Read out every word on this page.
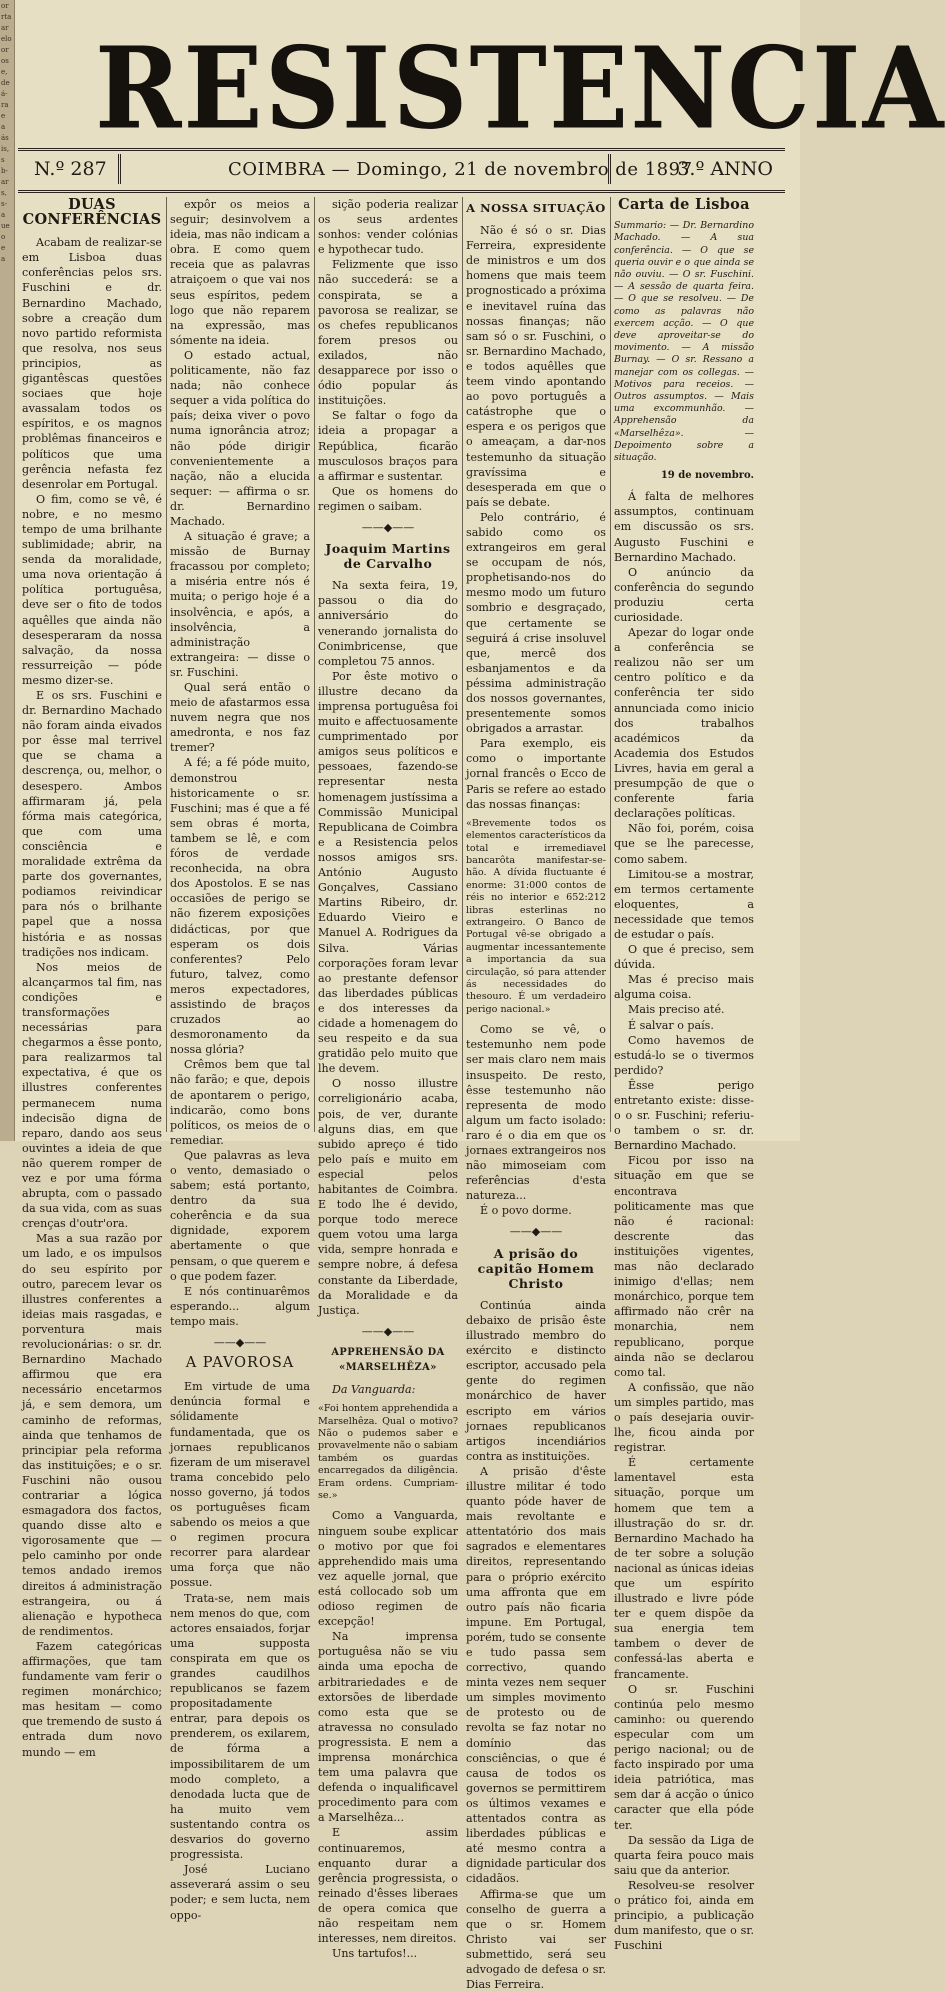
or
rta
ar
elo
or
os
e,
de
á-
ra
e
a
ás
is,
s
b-
ar
s,
s-
a
ue
o
e
a
RESISTENCIA
N.º 287	COIMBRA — Domingo, 21 de novembro de 1897
3.º ANNO
DUAS CONFERÊNCIAS

Acabam de realizar-se em Lisboa duas conferências pelos srs. Fuschini e dr. Bernardino Machado, sobre a creação dum novo partido reformista que resolva, nos seus principios, as gigantêscas questões sociaes que hoje avassalam todos os espíritos, e os magnos problêmas financeiros e políticos que uma gerência nefasta fez desenrolar em Portugal.

O fim, como se vê, é nobre, e no mesmo tempo de uma brilhante sublimidade; abrir, na senda da moralidade, uma nova orientação á política portuguêsa, deve ser o fito de todos aquêlles que ainda não desesperaram da nossa salvação, da nossa ressurreição — póde mesmo dizer-se.

E os srs. Fuschini e dr. Bernardino Machado não foram ainda eivados por êsse mal terrivel que se chama a descrença, ou, melhor, o desespero. Ambos affirmaram já, pela fórma mais categórica, que com uma consciência e moralidade extrêma da parte dos governantes, podiamos reivindicar para nós o brilhante papel que a nossa história e as nossas tradições nos indicam.

Nos meios de alcançarmos tal fim, nas condições e transformações necessárias para chegarmos a êsse ponto, para realizarmos tal expectativa, é que os illustres conferentes permanecem numa indecisão digna de reparo, dando aos seus ouvintes a ideia de que não querem romper de vez e por uma fórma abrupta, com o passado da sua vida, com as suas crenças d'outr'ora.

Mas a sua razão por um lado, e os impulsos do seu espírito por outro, parecem levar os illustres conferentes a ideias mais rasgadas, e porventura mais revolucionárias: o sr. dr. Bernardino Machado affirmou que era necessário encetarmos já, e sem demora, um caminho de reformas, ainda que tenhamos de principiar pela reforma das instituições; e o sr. Fuschini não ousou contrariar a lógica esmagadora dos factos, quando disse alto e vigorosamente que — pelo caminho por onde temos andado iremos direitos á administração estrangeira, ou á alienação e hypotheca de rendimentos.

Fazem categóricas affirmações, que tam fundamente vam ferir o regimen monárchico; mas hesitam — como que tremendo de susto á entrada dum novo mundo — em

expôr os meios a seguir; desinvolvem a ideia, mas não indicam a obra. E como quem receia que as palavras atraiçoem o que vai nos seus espíritos, pedem logo que não reparem na expressão, mas sómente na ideia.

O estado actual, politicamente, não faz nada; não conhece sequer a vida política do país; deixa viver o povo numa ignorância atroz; não póde dirigir convenientemente a nação, não a elucida sequer: — affirma o sr. dr. Bernardino Machado.

A situação é grave; a missão de Burnay fracassou por completo; a miséria entre nós é muita; o perigo hoje é a insolvência, e após, a insolvência, a administração extrangeira: — disse o sr. Fuschini.

Qual será então o meio de afastarmos essa nuvem negra que nos amedronta, e nos faz tremer?

A fé; a fé póde muito, demonstrou historicamente o sr. Fuschini; mas é que a fé sem obras é morta, tambem se lê, e com fóros de verdade reconhecida, na obra dos Apostolos. E se nas occasiões de perigo se não fizerem exposições didácticas, por que esperam os dois conferentes? Pelo futuro, talvez, como meros expectadores, assistindo de braços cruzados ao desmoronamento da nossa glória?

Crêmos bem que tal não farão; e que, depois de apontarem o perigo, indicarão, como bons políticos, os meios de o remediar.

Que palavras as leva o vento, demasiado o sabem; está portanto, dentro da sua coherência e da sua dignidade, exporem abertamente o que pensam, o que querem e o que podem fazer.

E nós continuarêmos esperando... algum tempo mais.

——◆——
A PAVOROSA

Em virtude de uma denúncia formal e sólidamente fundamentada, que os jornaes republicanos fizeram de um miseravel trama concebido pelo nosso governo, já todos os portuguêses ficam sabendo os meios a que o regimen procura recorrer para alardear uma força que não possue.

Trata-se, nem mais nem menos do que, com actores ensaiados, forjar uma supposta conspirata em que os grandes caudilhos republicanos se fazem propositadamente entrar, para depois os prenderem, os exilarem, de fórma a impossibilitarem de um modo completo, a denodada lucta que de ha muito vem sustentando contra os desvarios do governo progressista.

José Luciano asseverará assim o seu poder; e sem lucta, nem oppo-

sição poderia realizar os seus ardentes sonhos: vender colónias e hypothecar tudo.

Felizmente que isso não succederá: se a conspirata, se a pavorosa se realizar, se os chefes republicanos forem presos ou exilados, não desapparece por isso o ódio popular ás instituições.

Se faltar o fogo da ideia a propagar a República, ficarão musculosos braços para a affirmar e sustentar.

Que os homens do regimen o saibam.

——◆——
Joaquim Martins de Carvalho

Na sexta feira, 19, passou o dia do anniversário do venerando jornalista do Conimbricense, que completou 75 annos.

Por êste motivo o illustre decano da imprensa portuguêsa foi muito e affectuosamente cumprimentado por amigos seus políticos e pessoaes, fazendo-se representar nesta homenagem justíssima a Commissão Municipal Republicana de Coimbra e a Resistencia pelos nossos amigos srs. António Augusto Gonçalves, Cassiano Martins Ribeiro, dr. Eduardo Vieiro e Manuel A. Rodrigues da Silva. Várias corporações foram levar ao prestante defensor das liberdades públicas e dos interesses da cidade a homenagem do seu respeito e da sua gratidão pelo muito que lhe devem.

O nosso illustre correligionário acaba, pois, de ver, durante alguns dias, em que subido apreço é tido pelo país e muito em especial pelos habitantes de Coimbra. E todo lhe é devido, porque todo merece quem votou uma larga vida, sempre honrada e sempre nobre, á defesa constante da Liberdade, da Moralidade e da Justiça.

——◆——
APPREHENSÃO DA «MARSELHÊZA»

Da Vanguarda:

«Foi hontem apprehendida a Marselhêza. Qual o motivo? Não o pudemos saber e provavelmente não o sabiam também os guardas encarregados da diligência. Eram ordens. Cumpriam-se.»

Como a Vanguarda, ninguem soube explicar o motivo por que foi apprehendido mais uma vez aquelle jornal, que está collocado sob um odioso regimen de excepção!

Na imprensa portuguêsa não se viu ainda uma epocha de arbitrariedades e de extorsões de liberdade como esta que se atravessa no consulado progressista. E nem a imprensa monárchica tem uma palavra que defenda o inqualificavel procedimento para com a Marselhêza...

E assim continuaremos, enquanto durar a gerência progressista, o reinado d'êsses liberaes de opera comica que não respeitam nem interesses, nem direitos.

Uns tartufos!...

A NOSSA SITUAÇÃO

Não é só o sr. Dias Ferreira, expresidente de ministros e um dos homens que mais teem prognosticado a próxima e inevitavel ruína das nossas finanças; não sam só o sr. Fuschini, o sr. Bernardino Machado, e todos aquêlles que teem vindo apontando ao povo português a catástrophe que o espera e os perigos que o ameaçam, a dar-nos testemunho da situação gravíssima e desesperada em que o país se debate.

Pelo contrário, é sabido como os extrangeiros em geral se occupam de nós, prophetisando-nos do mesmo modo um futuro sombrio e desgraçado, que certamente se seguirá á crise insoluvel que, mercê dos esbanjamentos e da péssima administração dos nossos governantes, presentemente somos obrigados a arrastar.

Para exemplo, eis como o importante jornal francês o Ecco de Paris se refere ao estado das nossas finanças:

«Brevemente todos os elementos característicos da total e irremediavel bancarôta manifestar-se-hão. A dívida fluctuante é enorme: 31:000 contos de réis no interior e 652:212 libras esterlinas no extrangeiro. O Banco de Portugal vê-se obrigado a augmentar incessantemente a importancia da sua circulação, só para attender ás necessidades do thesouro. É um verdadeiro perigo nacional.»

Como se vê, o testemunho nem pode ser mais claro nem mais insuspeito. De resto, êsse testemunho não representa de modo algum um facto isolado: raro é o dia em que os jornaes extrangeiros nos não mimoseiam com referências d'esta natureza...

É o povo dorme.

——◆——
A prisão do capitão Homem Christo

Continúa ainda debaixo de prisão êste illustrado membro do exército e distincto escriptor, accusado pela gente do regimen monárchico de haver escripto em vários jornaes republicanos artigos incendiários contra as instituições.

A prisão d'êste illustre militar é todo quanto póde haver de mais revoltante e attentatório dos mais sagrados e elementares direitos, representando para o próprio exército uma affronta que em outro país não ficaria impune. Em Portugal, porém, tudo se consente e tudo passa sem correctivo, quando minta vezes nem sequer um simples movimento de protesto ou de revolta se faz notar no domínio das consciências, o que é causa de todos os governos se permittirem os últimos vexames e attentados contra as liberdades públicas e até mesmo contra a dignidade particular dos cidadãos.

Affirma-se que um conselho de guerra a que o sr. Homem Christo vai ser submettido, será seu advogado de defesa o sr. Dias Ferreira.

Carta de Lisboa
Summario: — Dr. Bernardino Machado. — A sua conferência. — O que se queria ouvir e o que ainda se não ouviu. — O sr. Fuschini. — A sessão de quarta feira. — O que se resolveu. — De como as palavras não exercem acção. — O que deve aproveitar-se do movimento. — A missão Burnay. — O sr. Ressano a manejar com os collegas. — Motivos para receios. — Outros assumptos. — Mais uma excommunhão. — Apprehensão da «Marselhêza». — Depoimento sobre a situação.
19 de novembro.

Á falta de melhores assumptos, continuam em discussão os srs. Augusto Fuschini e Bernardino Machado.

O anúncio da conferência do segundo produziu certa curiosidade.

Apezar do logar onde a conferência se realizou não ser um centro político e da conferência ter sido annunciada como inicio dos trabalhos académicos da Academia dos Estudos Livres, havia em geral a presumpção de que o conferente faria declarações políticas.

Não foi, porém, coisa que se lhe parecesse, como sabem.

Limitou-se a mostrar, em termos certamente eloquentes, a necessidade que temos de estudar o país.

O que é preciso, sem dúvida.

Mas é preciso mais alguma coisa.

Mais preciso até.

É salvar o país.

Como havemos de estudá-lo se o tivermos perdido?

Êsse perigo entretanto existe: disse-o o sr. Fuschini; referiu-o tambem o sr. dr. Bernardino Machado.

Ficou por isso na situação em que se encontrava politicamente mas que não é racional: descrente das instituições vigentes, mas não declarado inimigo d'ellas; nem monárchico, porque tem affirmado não crêr na monarchia, nem republicano, porque ainda não se declarou como tal.

A confissão, que não um simples partido, mas o país desejaria ouvir-lhe, ficou ainda por registrar.

É certamente lamentavel esta situação, porque um homem que tem a illustração do sr. dr. Bernardino Machado ha de ter sobre a solução nacional as únicas ideias que um espírito illustrado e livre póde ter e quem dispõe da sua energia tem tambem o dever de confessá-las aberta e francamente.

O sr. Fuschini continúa pelo mesmo caminho: ou querendo especular com um perigo nacional; ou de facto inspirado por uma ideia patriótica, mas sem dar á acção o único caracter que ella póde ter.

Da sessão da Liga de quarta feira pouco mais saiu que da anterior.

Resolveu-se resolver o prático foi, ainda em principio, a publicação dum manifesto, que o sr. Fuschini
